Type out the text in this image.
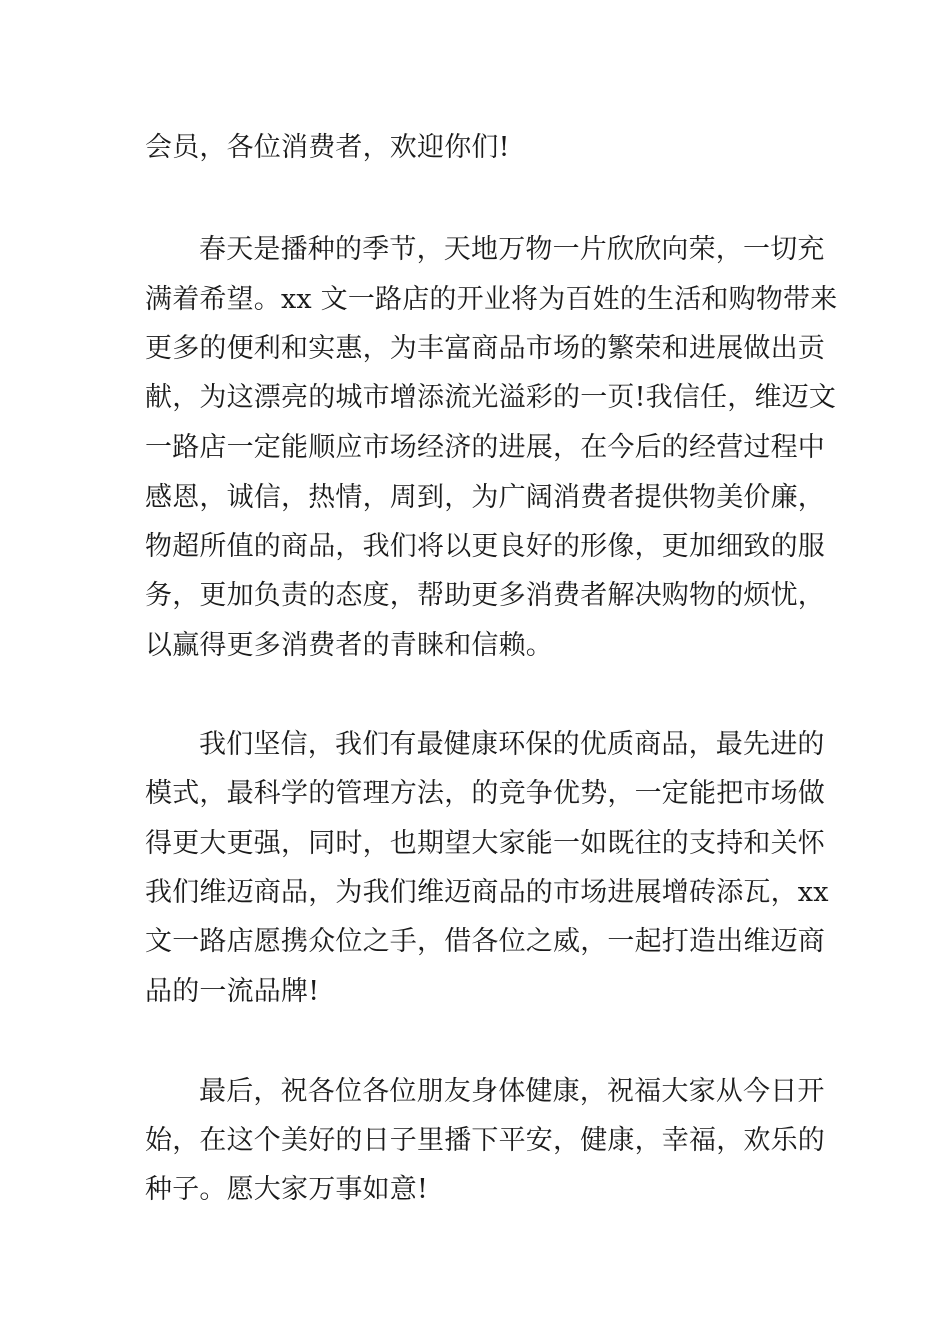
会员，各位消费者，欢迎你们!
春天是播种的季节，天地万物一片欣欣向荣，一切充
满着希望。xx 文一路店的开业将为百姓的生活和购物带来
更多的便利和实惠，为丰富商品市场的繁荣和进展做出贡
献，为这漂亮的城市增添流光溢彩的一页!我信任，维迈文
一路店一定能顺应市场经济的进展，在今后的经营过程中
感恩，诚信，热情，周到，为广阔消费者提供物美价廉，
物超所值的商品，我们将以更良好的形像，更加细致的服
务，更加负责的态度，帮助更多消费者解决购物的烦忧，
以赢得更多消费者的青睐和信赖。
我们坚信，我们有最健康环保的优质商品，最先进的
模式，最科学的管理方法，的竞争优势，一定能把市场做
得更大更强，同时，也期望大家能一如既往的支持和关怀
我们维迈商品，为我们维迈商品的市场进展增砖添瓦，xx
文一路店愿携众位之手，借各位之威，一起打造出维迈商
品的一流品牌!
最后，祝各位各位朋友身体健康，祝福大家从今日开
始，在这个美好的日子里播下平安，健康，幸福，欢乐的
种子。愿大家万事如意!
